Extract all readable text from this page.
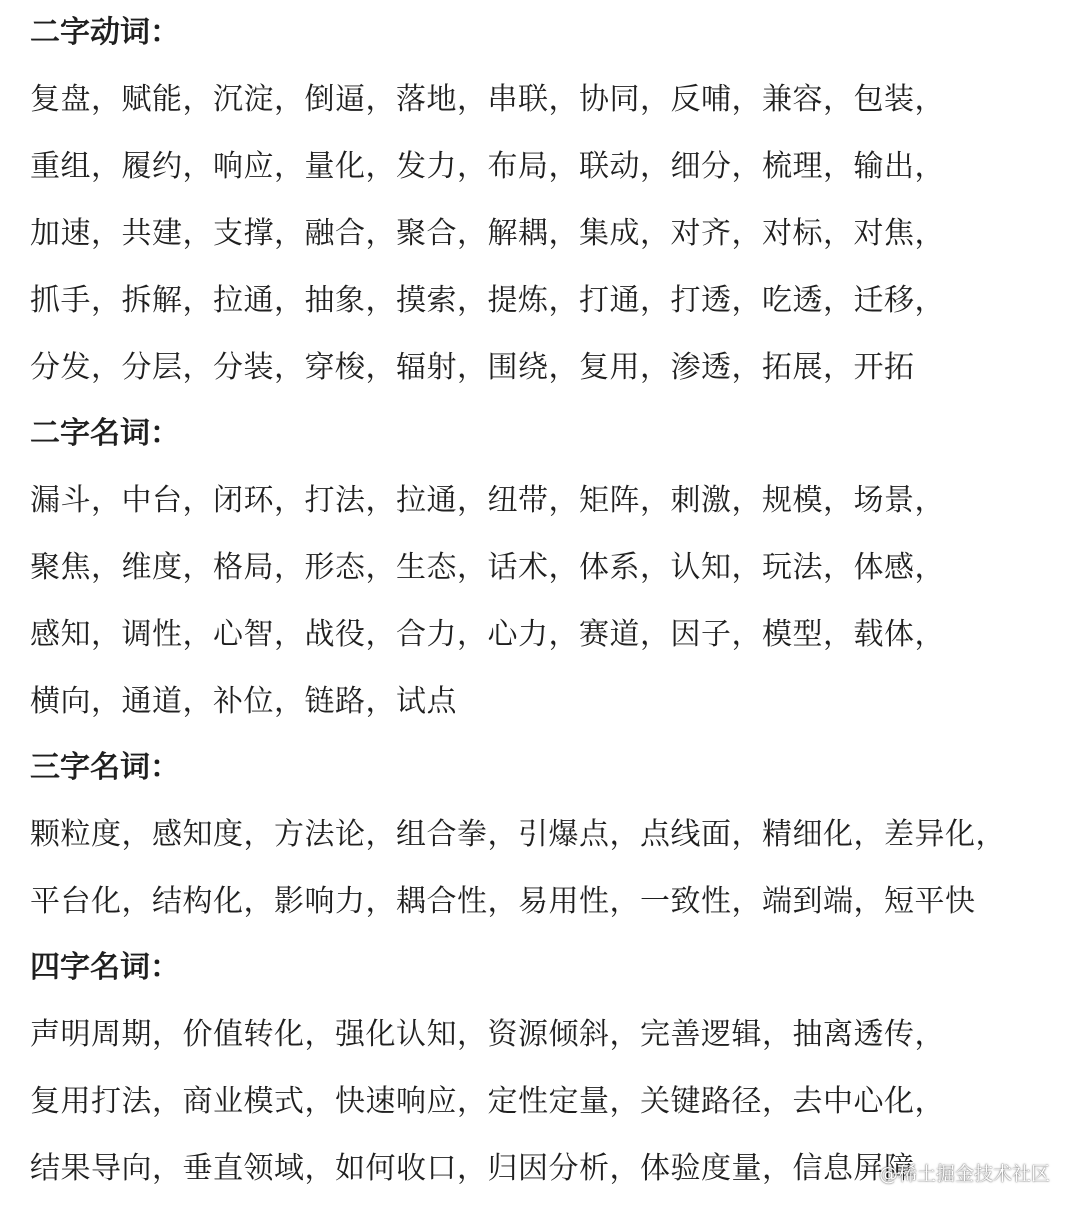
二字动词：
复盘，赋能，沉淀，倒逼，落地，串联，协同，反哺，兼容，包装，
重组，履约，响应，量化，发力，布局，联动，细分，梳理，输出，
加速，共建，支撑，融合，聚合，解耦，集成，对齐，对标，对焦，
抓手，拆解，拉通，抽象，摸索，提炼，打通，打透，吃透，迁移，
分发，分层，分装，穿梭，辐射，围绕，复用，渗透，拓展，开拓
二字名词：
漏斗，中台，闭环，打法，拉通，纽带，矩阵，刺激，规模，场景，
聚焦，维度，格局，形态，生态，话术，体系，认知，玩法，体感，
感知，调性，心智，战役，合力，心力，赛道，因子，模型，载体，
横向，通道，补位，链路，试点
三字名词：
颗粒度，感知度，方法论，组合拳，引爆点，点线面，精细化，差异化，
平台化，结构化，影响力，耦合性，易用性，一致性，端到端，短平快
四字名词：
声明周期，价值转化，强化认知，资源倾斜，完善逻辑，抽离透传，
复用打法，商业模式，快速响应，定性定量，关键路径，去中心化，
结果导向，垂直领域，如何收口，归因分析，体验度量，信息屏障
@稀土掘金技术社区
